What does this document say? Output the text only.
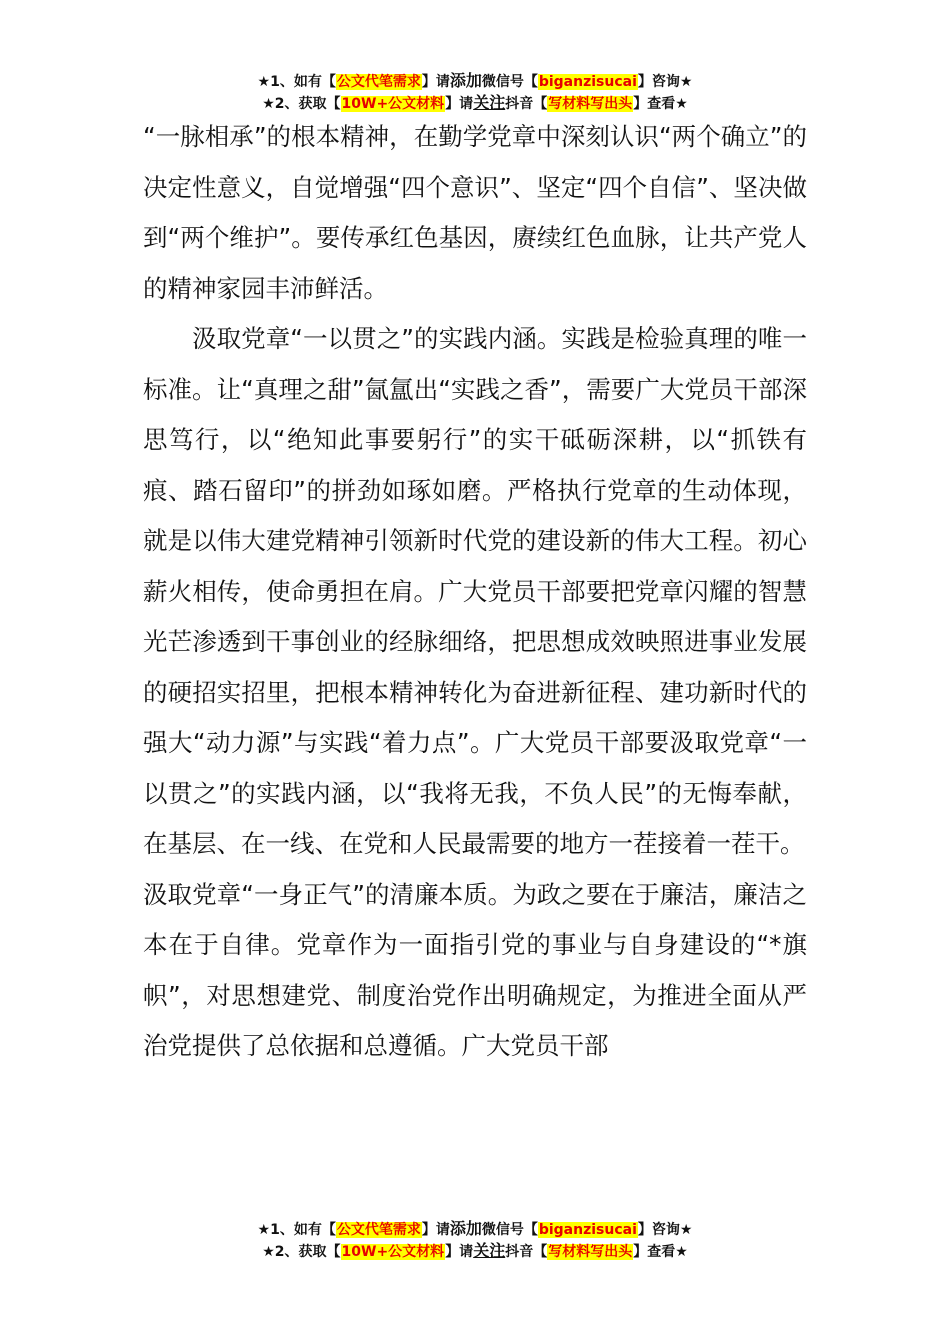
★1、如有【公文代笔需求】请添加微信号【biganzisucai】咨询★
★2、获取【10W+公文材料】请关注抖音【写材料写出头】查看★

“一脉相承”的根本精神，在勤学党章中深刻认识“两个确立”的决定性意义，自觉增强“四个意识”、坚定“四个自信”、坚决做到“两个维护”。要传承红色基因，赓续红色血脉，让共产党人的精神家园丰沛鲜活。

汲取党章“一以贯之”的实践内涵。实践是检验真理的唯一标准。让“真理之甜”氤氲出“实践之香”，需要广大党员干部深思笃行，以“绝知此事要躬行”的实干砥砺深耕，以“抓铁有痕、踏石留印”的拼劲如琢如磨。严格执行党章的生动体现，就是以伟大建党精神引领新时代党的建设新的伟大工程。初心薪火相传，使命勇担在肩。广大党员干部要把党章闪耀的智慧光芒渗透到干事创业的经脉细络，把思想成效映照进事业发展的硬招实招里，把根本精神转化为奋进新征程、建功新时代的强大“动力源”与实践“着力点”。广大党员干部要汲取党章“一以贯之”的实践内涵，以“我将无我，不负人民”的无悔奉献，在基层、在一线、在党和人民最需要的地方一茬接着一茬干。

汲取党章“一身正气”的清廉本质。为政之要在于廉洁，廉洁之本在于自律。党章作为一面指引党的事业与自身建设的“*旗帜”，对思想建党、制度治党作出明确规定，为推进全面从严治党提供了总依据和总遵循。广大党员干部

★1、如有【公文代笔需求】请添加微信号【biganzisucai】咨询★
★2、获取【10W+公文材料】请关注抖音【写材料写出头】查看★
